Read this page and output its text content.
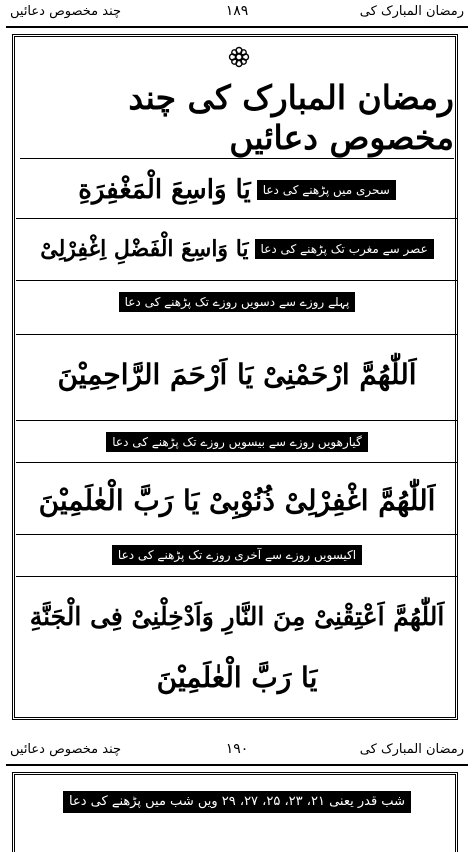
رمضان المبارک کی
۱۸۹
چند مخصوص دعائیں
رمضان المبارک کی چند مخصوص دعائیں
سحری میں پڑھنے کی دعا
یَا وَاسِعَ الْمَغْفِرَةِ
عصر سے مغرب تک پڑھنے کی دعا
یَا وَاسِعَ الْفَضْلِ اِغْفِرْلِیْ
پہلے روزے سے دسویں روزے تک پڑھنے کی دعا
اَللّٰهُمَّ ارْحَمْنِیْ یَا اَرْحَمَ الرَّاحِمِیْنَ
گیارھویں روزے سے بیسویں روزے تک پڑھنے کی دعا
اَللّٰهُمَّ اغْفِرْلِیْ ذُنُوْبِیْ یَا رَبَّ الْعٰلَمِیْنَ
اکیسویں روزے سے آخری روزے تک پڑھنے کی دعا
اَللّٰهُمَّ اَعْتِقْنِیْ مِنَ النَّارِ وَاَدْخِلْنِیْ فِی الْجَنَّةِ
یَا رَبَّ الْعٰلَمِیْنَ
رمضان المبارک کی
۱۹۰
چند مخصوص دعائیں
شب قدر یعنی ۲۱، ۲۳، ۲۵، ۲۷، ۲۹ ویں شب میں پڑھنے کی دعا
